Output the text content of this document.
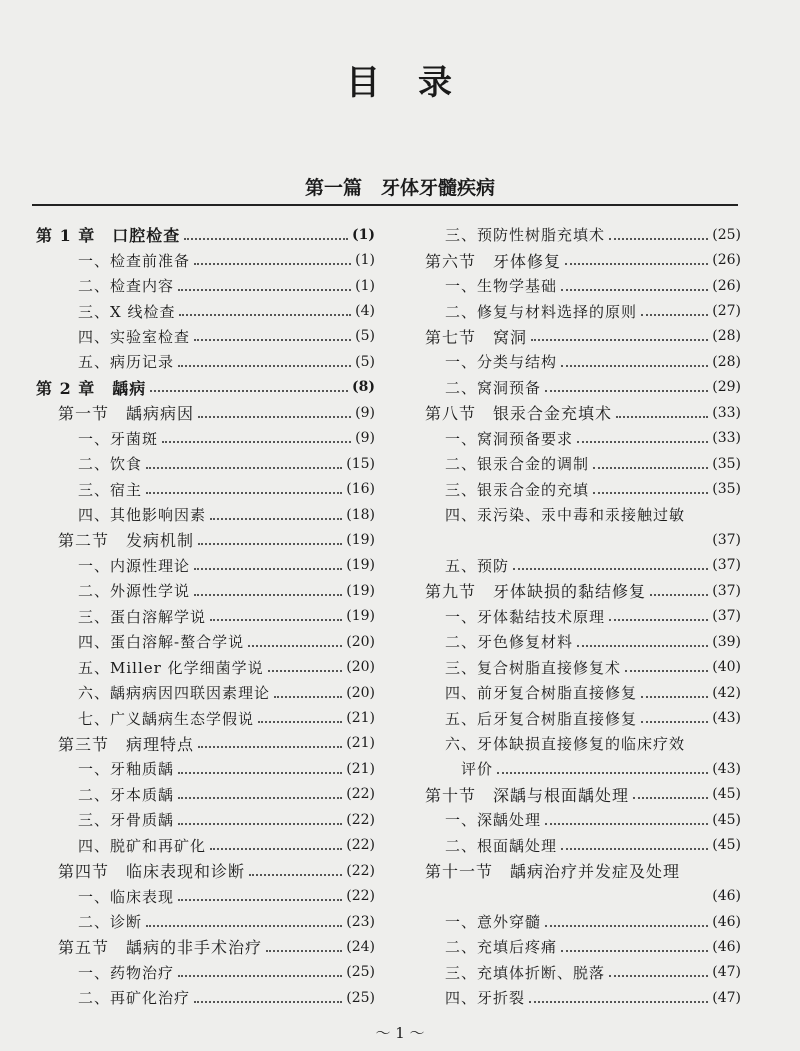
目　录
第一篇　牙体牙髓疾病
第 1 章　口腔检查	(1)
一、检查前准备	(1)
二、检查内容	(1)
三、X 线检查	(4)
四、实验室检查	(5)
五、病历记录	(5)
第 2 章　龋病	(8)
第一节　龋病病因	(9)
一、牙菌斑	(9)
二、饮食	(15)
三、宿主	(16)
四、其他影响因素	(18)
第二节　发病机制	(19)
一、内源性理论	(19)
二、外源性学说	(19)
三、蛋白溶解学说	(19)
四、蛋白溶解-螯合学说	(20)
五、Miller 化学细菌学说	(20)
六、龋病病因四联因素理论	(20)
七、广义龋病生态学假说	(21)
第三节　病理特点	(21)
一、牙釉质龋	(21)
二、牙本质龋	(22)
三、牙骨质龋	(22)
四、脱矿和再矿化	(22)
第四节　临床表现和诊断	(22)
一、临床表现	(22)
二、诊断	(23)
第五节　龋病的非手术治疗	(24)
一、药物治疗	(25)
二、再矿化治疗	(25)
三、预防性树脂充填术	(25)
第六节　牙体修复	(26)
一、生物学基础	(26)
二、修复与材料选择的原则	(27)
第七节　窝洞	(28)
一、分类与结构	(28)
二、窝洞预备	(29)
第八节　银汞合金充填术	(33)
一、窝洞预备要求	(33)
二、银汞合金的调制	(35)
三、银汞合金的充填	(35)
四、汞污染、汞中毒和汞接触过敏
(37)
五、预防	(37)
第九节　牙体缺损的黏结修复	(37)
一、牙体黏结技术原理	(37)
二、牙色修复材料	(39)
三、复合树脂直接修复术	(40)
四、前牙复合树脂直接修复	(42)
五、后牙复合树脂直接修复	(43)
六、牙体缺损直接修复的临床疗效
　评价	(43)
第十节　深龋与根面龋处理	(45)
一、深龋处理	(45)
二、根面龋处理	(45)
第十一节　龋病治疗并发症及处理
(46)
一、意外穿髓	(46)
二、充填后疼痛	(46)
三、充填体折断、脱落	(47)
四、牙折裂	(47)
～ 1 ～
